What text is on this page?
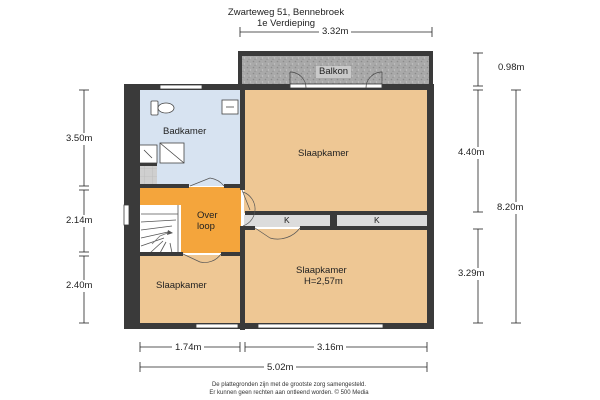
Zwarteweg 51, Bennebroek
1e Verdieping
Balkon
Badkamer
Slaapkamer
Over
loop
K	K
Slaapkamer
Slaapkamer
H=2,57m
3.32m
0.98m
4.40m
8.20m
3.29m
3.50m
2.14m
2.40m
1.74m	3.16m
5.02m
De plattegronden zijn met de grootste zorg samengesteld.
Er kunnen geen rechten aan ontleend worden. © 500 Media
